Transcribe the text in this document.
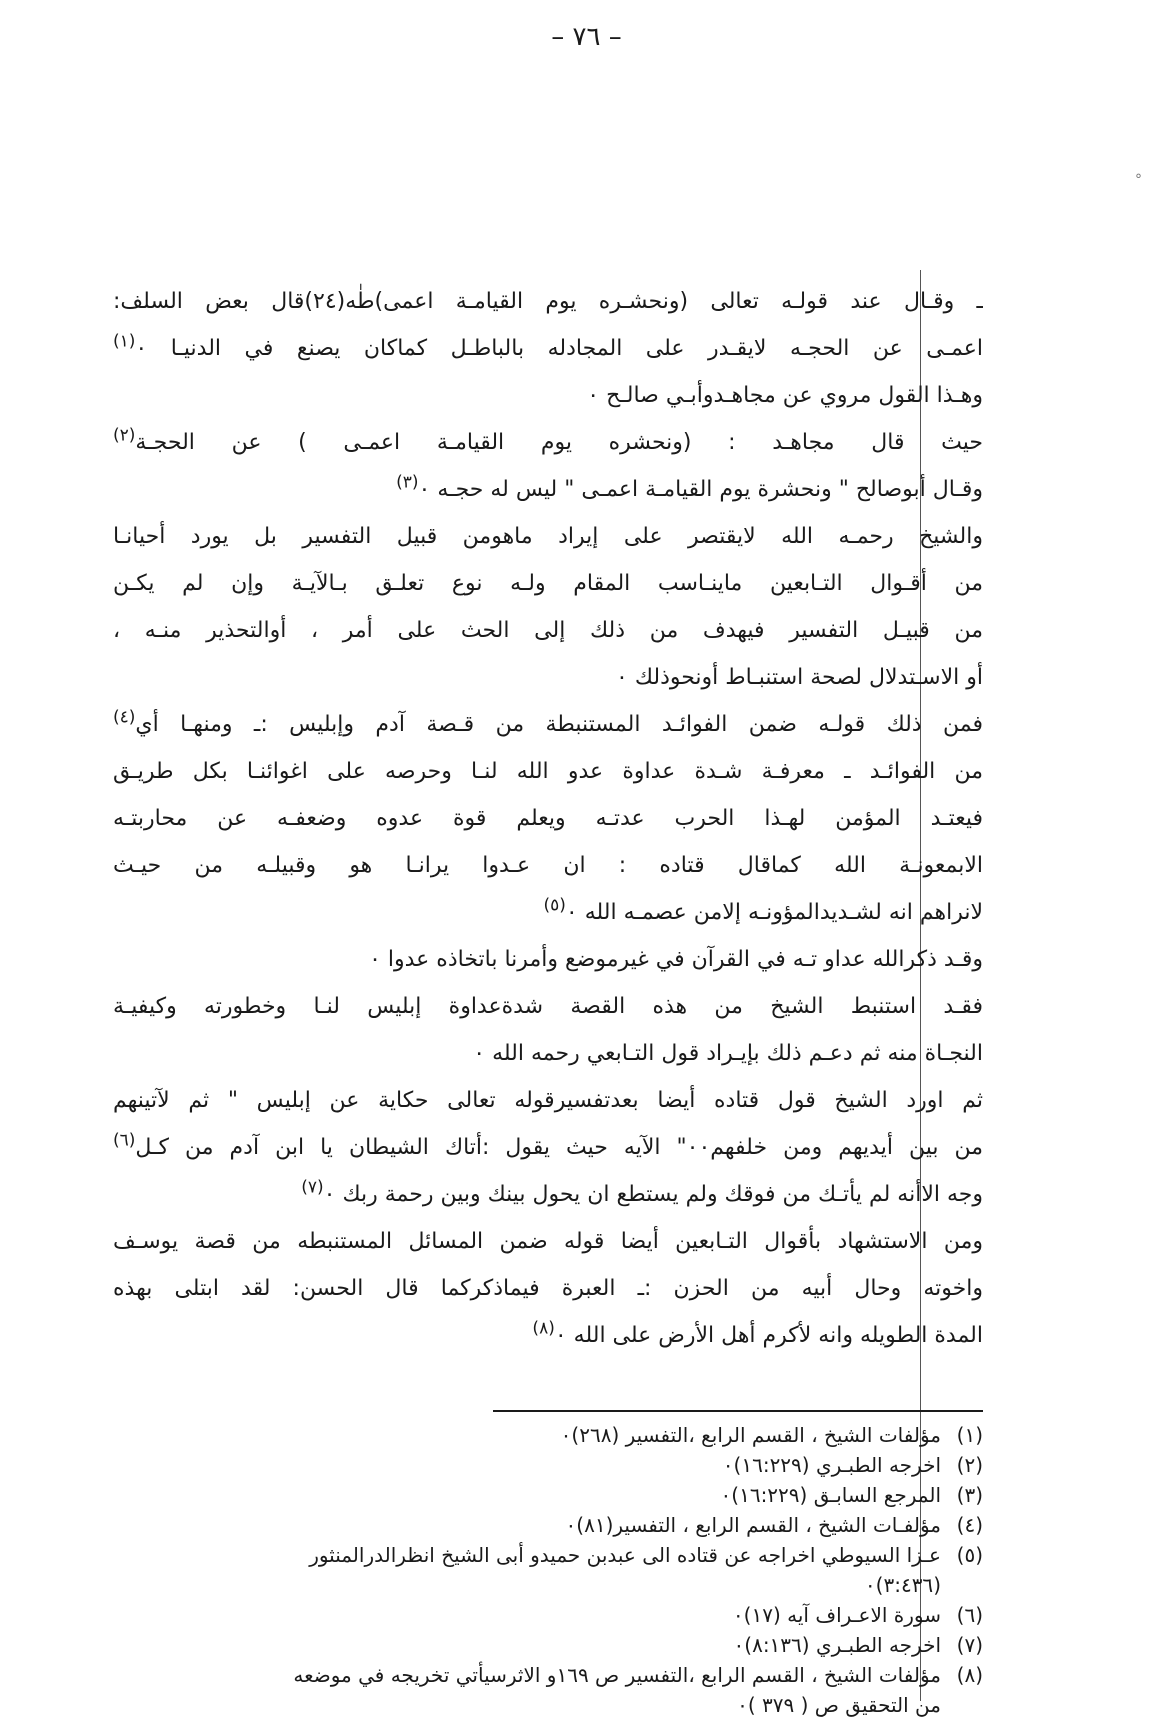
– ٧٦ –
°

ـ وقـال عند قولـه تعالى (ونحشـره يوم القيامـة اعمى)طٰه(٢٤)قال بعض السلف:

اعمـى عن الحجـه لايقـدر على المجادله بالباطـل كماكان يصنع في الدنيـا ٠$^{(١)}$

وهـذا القول مروي عن مجاهـدوأبـي صالـح ٠

حيث قال مجاهـد : (ونحشره يوم القيامـة اعمـى ) عن الحجـة$^{(٢)}$

وقـال أبوصالح " ونحشرة يوم القيامـة اعمـى " ليس له حجـه ٠$^{(٣)}$

والشيخ رحمـه الله لايقتصر على إيراد ماهومن قبيل التفسير بل يورد أحيانـا

من أقـوال التـابعين ماينـاسب المقام ولـه نوع تعلـق بـالآيـة وإن لم يكـن

من قبيـل التفسير فيهدف من ذلك إلى الحث على أمر ، أوالتحذير منـه ،

أو الاسـتدلال لصحة استنبـاط أونحوذلك ٠

فمن ذلك قولـه ضمن الفوائـد المستنبطة من قـصة آدم وإبليس :ـ ومنهـا أي$^{(٤)}$

من الفوائـد ـ معرفـة شـدة عداوة عدو الله لنـا وحرصه على اغوائنـا بكل طريـق

فيعتـد المؤمن لهـذا الحرب عدتـه ويعلم قوة عدوه وضعفـه عن محاربتـه

الابمعونـة الله كماقال قتاده : ان عـدوا يرانـا هو وقبيلـه من حيـث

لانراهم انه لشـديدالمؤونـه إلامن عصمـه الله ٠$^{(٥)}$

وقـد ذكرالله عداو تـه في القرآن في غيرموضع وأمرنا باتخاذه عدوا ٠

فقـد استنبط الشيخ من هذه القصة شدةعداوة إبليس لنـا وخطورته وكيفيـة

النجـاة منه ثم دعـم ذلك بإيـراد قول التـابعي رحمه الله ٠

ثم اورد الشيخ قول قتاده أيضا بعدتفسيرقوله تعالى حكاية عن إبليس " ثم لآتينهم

من بين أيديهم ومن خلفهم٠٠" الآيه حيث يقول :أتاك الشيطان يا ابن آدم من كـل$^{(٦)}$

وجه الاأنه لم يأتـك من فوقك ولم يستطع ان يحول بينك وبين رحمة ربك ٠$^{(٧)}$

ومن الاستشهاد بأقوال التـابعين أيضا قوله ضمن المسائل المستنبطه من قصة يوسـف

واخوته وحال أبيه من الحزن :ـ العبرة فيماذكركما قال الحسن: لقد ابتلى بهذه

المدة الطويله وانه لأكرم أهل الأرض على الله ٠$^{(٨)}$

(١)
مؤلفات الشيخ ، القسم الرابع ،التفسير (٢٦٨)٠
(٢)
اخرجه الطبـري (١٦:٢٢٩)٠
(٣)
المرجع السابـق (١٦:٢٢٩)٠
(٤)
مؤلفـات الشيخ ، القسم الرابع ، التفسير(٨١)٠
(٥)
عـزا السيوطي اخراجه عن قتاده الى عبدبن حميدو أبى الشيخ انظرالدرالمنثور
(٣:٤٣٦)٠
(٦)
سورة الاعـراف آيه (١٧)٠
(٧)
اخرجه الطبـري (٨:١٣٦)٠
(٨)
مؤلفات الشيخ ، القسم الرابع ،التفسير ص ١٦٩و الاثرسيأتي تخريجه في موضعه
من التحقيق ص ( ٣٧٩ )٠
